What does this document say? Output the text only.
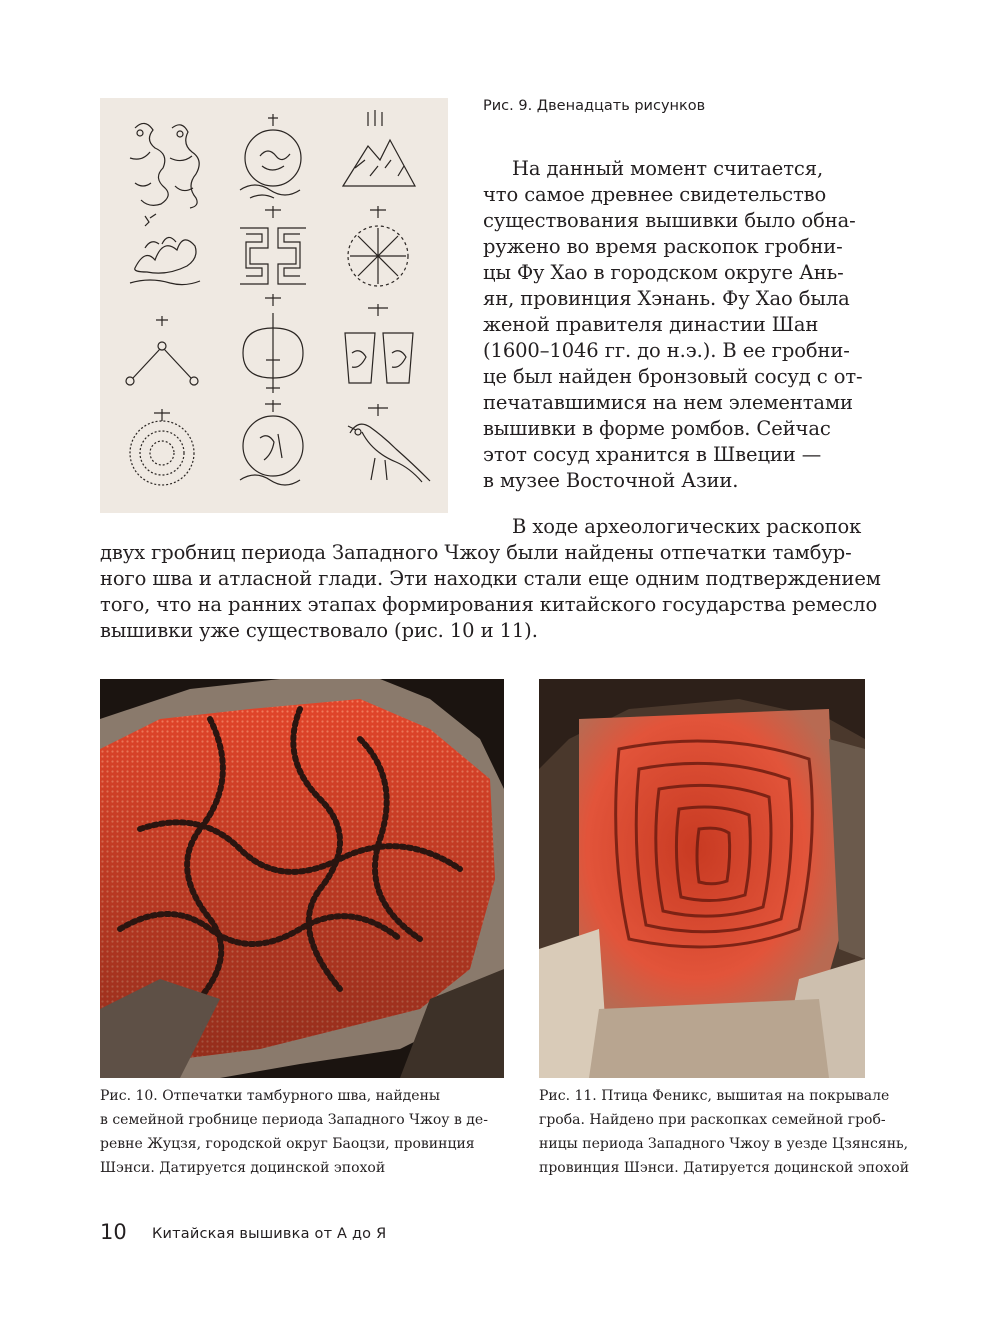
Рис. 9. Двенадцать рисунков
На данный момент считается,
что самое древнее свидетельство
существования вышивки было обна-
ружено во время раскопок гробни-
цы Фу Хао в городском округе Ань-
ян, провинция Хэнань. Фу Хао была
женой правителя династии Шан
(1600–1046 гг. до н.э.). В ее гробни-
це был найден бронзовый сосуд с от-
печатавшимися на нем элементами
вышивки в форме ромбов. Сейчас
этот сосуд хранится в Швеции —
в музее Восточной Азии.
В ходе археологических раскопок
двух гробниц периода Западного Чжоу были найдены отпечатки тамбур-
ного шва и атласной глади. Эти находки стали еще одним подтверждением
того, что на ранних этапах формирования китайского государства ремесло
вышивки уже существовало (рис. 10 и 11).
Рис. 10. Отпечатки тамбурного шва, найдены
в семейной гробнице периода Западного Чжоу в де-
ревне Жуцзя, городской округ Баоцзи, провинция
Шэнси. Датируется доцинской эпохой
Рис. 11. Птица Феникс, вышитая на покрывале
гроба. Найдено при раскопках семейной гроб-
ницы периода Западного Чжоу в уезде Цзянсянь,
провинция Шэнси. Датируется доцинской эпохой
10 Китайская вышивка от А до Я
